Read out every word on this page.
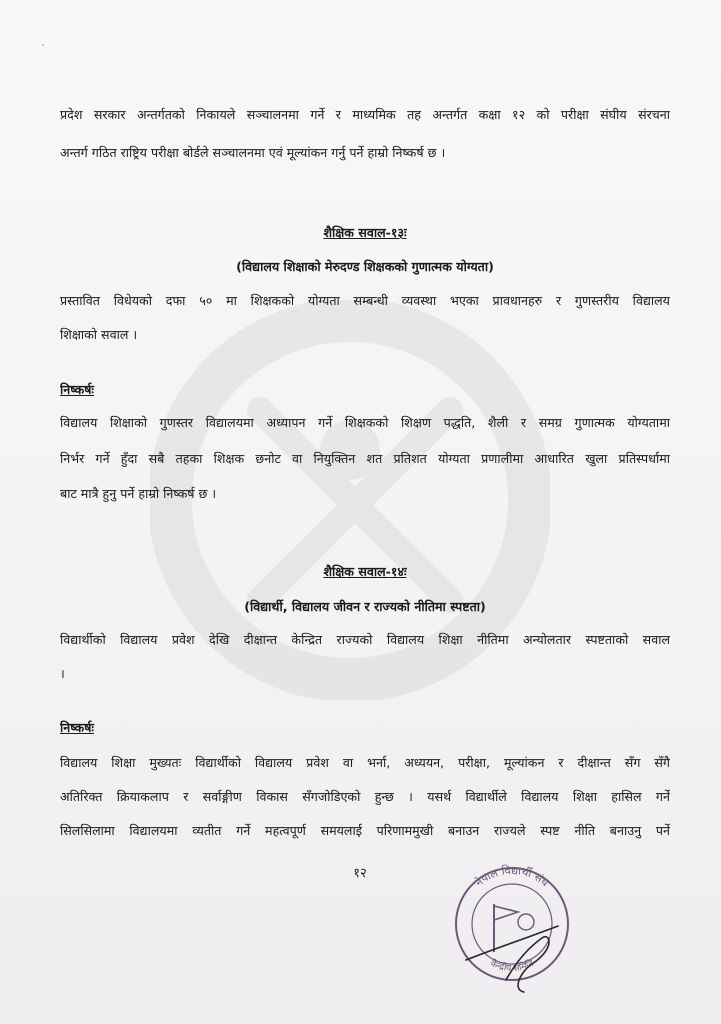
प्रदेश सरकार अन्तर्गतको निकायले सञ्चालनमा गर्ने र माध्यमिक तह अन्तर्गत कक्षा १२ को परीक्षा संघीय संरचना
अन्तर्ग गठित राष्ट्रिय परीक्षा बोर्डले सञ्चालनमा एवं मूल्यांकन गर्नु पर्ने हाम्रो निष्कर्ष छ ।
शैक्षिक सवाल-१३ः
(विद्यालय शिक्षाको मेरुदण्ड शिक्षकको गुणात्मक योग्यता)
प्रस्तावित विधेयको दफा ५० मा शिक्षकको योग्यता सम्बन्धी व्यवस्था भएका प्रावधानहरु र गुणस्तरीय विद्यालय
शिक्षाको सवाल ।
निष्कर्षः
विद्यालय शिक्षाको गुणस्तर विद्यालयमा अध्यापन गर्ने शिक्षकको शिक्षण पद्धति, शैली र समग्र गुणात्मक योग्यतामा
निर्भर गर्ने हुँदा सबै तहका शिक्षक छनोट वा नियुक्तिन शत प्रतिशत योग्यता प्रणालीमा आधारित खुला प्रतिस्पर्धामा
बाट मात्रै हुनु पर्ने हाम्रो निष्कर्ष छ ।
शैक्षिक सवाल-१४ः
(विद्यार्थी, विद्यालय जीवन र राज्यको नीतिमा स्पष्टता)
विद्यार्थीको विद्यालय प्रवेश देखि दीक्षान्त केन्द्रित राज्यको विद्यालय शिक्षा नीतिमा अन्योलतार स्पष्टताको सवाल
।
निष्कर्षः
विद्यालय शिक्षा मुख्यतः विद्यार्थीको विद्यालय प्रवेश वा भर्ना, अध्ययन, परीक्षा, मूल्यांकन र दीक्षान्त सँग सँगै
अतिरिक्त क्रियाकलाप र सर्वाङ्गीण विकास सँगजोडिएको हुन्छ । यसर्थ विद्यार्थीले विद्यालय शिक्षा हासिल गर्ने
सिलसिलामा विद्यालयमा व्यतीत गर्ने महत्वपूर्ण समयलाई परिणाममुखी बनाउन राज्यले स्पष्ट नीति बनाउनु पर्ने
१२
नेपाल विद्यार्थी संघ
केन्द्रीय समिति
